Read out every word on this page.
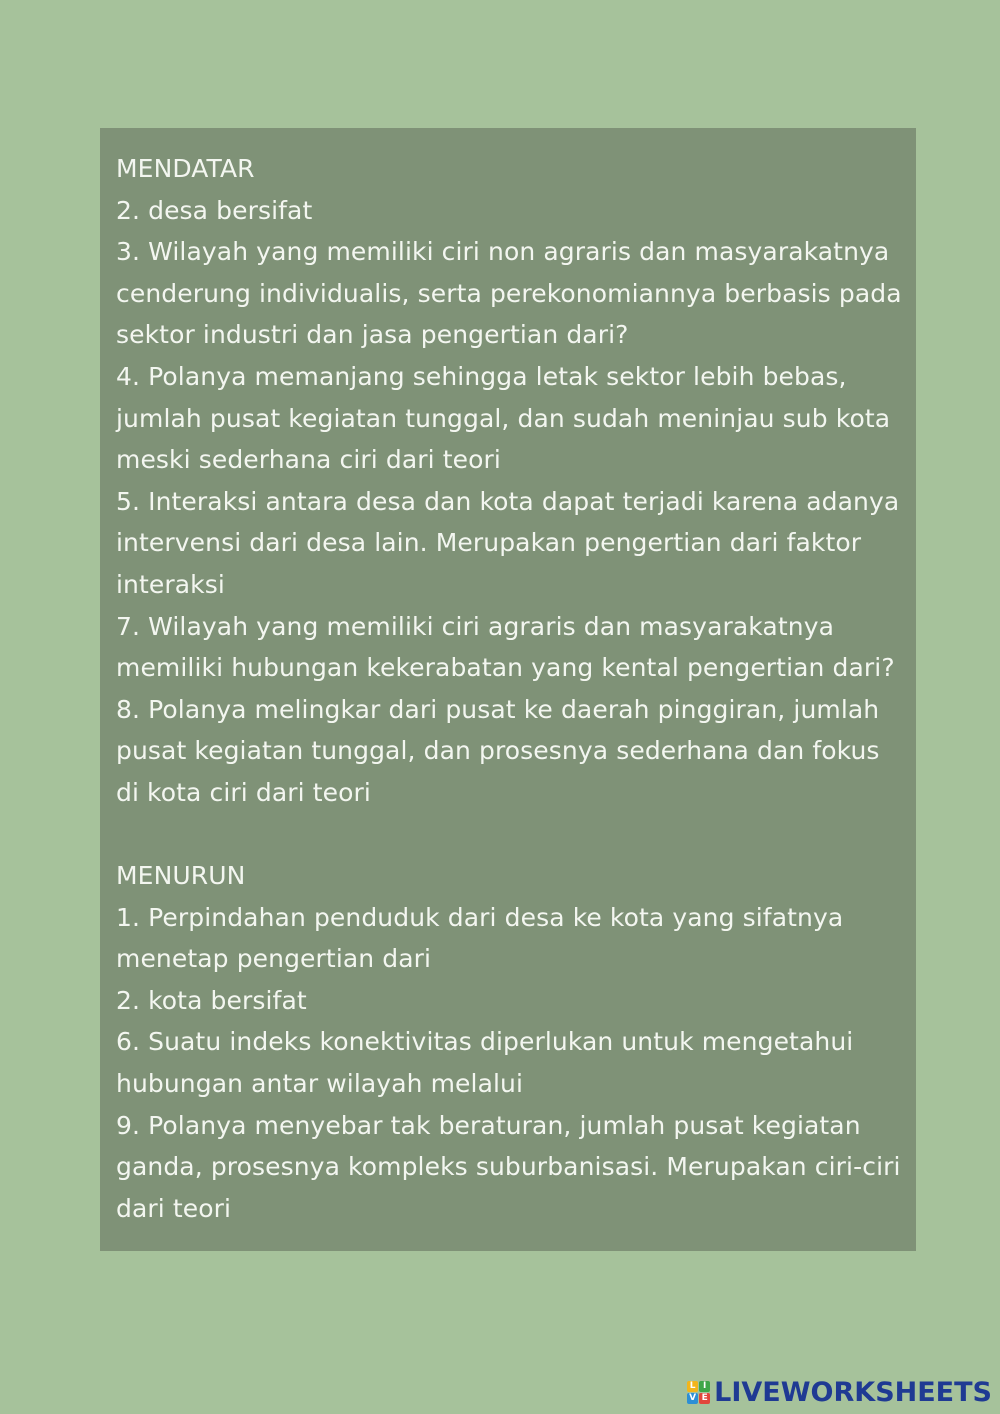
MENDATAR
2. desa bersifat
3. Wilayah yang memiliki ciri non agraris dan masyarakatnya
cenderung individualis, serta perekonomiannya berbasis pada
sektor industri dan jasa pengertian dari?
4. Polanya memanjang sehingga letak sektor lebih bebas,
jumlah pusat kegiatan tunggal, dan sudah meninjau sub kota
meski sederhana ciri dari teori
5. Interaksi antara desa dan kota dapat terjadi karena adanya
intervensi dari desa lain. Merupakan pengertian dari faktor
interaksi
7. Wilayah yang memiliki ciri agraris dan masyarakatnya
memiliki hubungan kekerabatan yang kental pengertian dari?
8. Polanya melingkar dari pusat ke daerah pinggiran, jumlah
pusat kegiatan tunggal, dan prosesnya sederhana dan fokus
di kota ciri dari teori
MENURUN
1. Perpindahan penduduk dari desa ke kota yang sifatnya
menetap pengertian dari
2. kota bersifat
6. Suatu indeks konektivitas diperlukan untuk mengetahui
hubungan antar wilayah melalui
9. Polanya menyebar tak beraturan, jumlah pusat kegiatan
ganda, prosesnya kompleks suburbanisasi. Merupakan ciri-ciri
dari teori
L I
V E LIVEWORKSHEETS
